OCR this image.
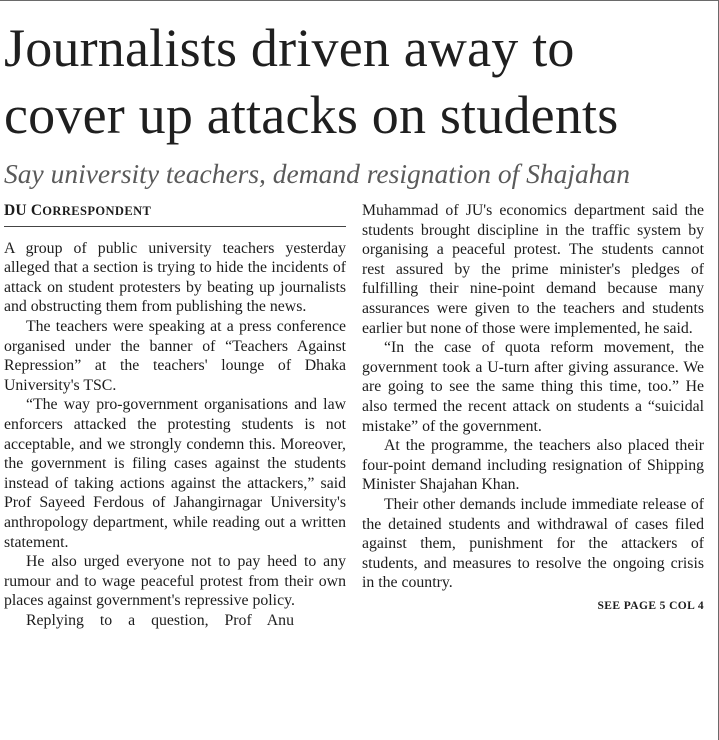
Journalists driven away to
cover up attacks on students
Say university teachers, demand resignation of Shajahan
DU CORRESPONDENT

A group of public university teachers yesterday alleged that a section is trying to hide the incidents of attack on student protesters by beating up journalists and obstructing them from publishing the news.

The teachers were speaking at a press conference organised under the banner of “Teachers Against Repression” at the teachers' lounge of Dhaka University's TSC.

“The way pro-government organisations and law enforcers attacked the protesting students is not acceptable, and we strongly condemn this. Moreover, the government is filing cases against the students instead of taking actions against the attackers,” said Prof Sayeed Ferdous of Jahangirnagar University's anthropology department, while reading out a written statement.

He also urged everyone not to pay heed to any rumour and to wage peaceful protest from their own places against government's repressive policy.

Replying to a question, Prof Anu

Muhammad of JU's economics department said the students brought discipline in the traffic system by organising a peaceful protest. The students cannot rest assured by the prime minister's pledges of fulfilling their nine-point demand because many assurances were given to the teachers and students earlier but none of those were implemented, he said.

“In the case of quota reform movement, the government took a U-turn after giving assurance. We are going to see the same thing this time, too.” He also termed the recent attack on students a “suicidal mistake” of the government.

At the programme, the teachers also placed their four-point demand including resignation of Shipping Minister Shajahan Khan.

Their other demands include immediate release of the detained students and withdrawal of cases filed against them, punishment for the attackers of students, and measures to resolve the ongoing crisis in the country.

SEE PAGE 5 COL 4
